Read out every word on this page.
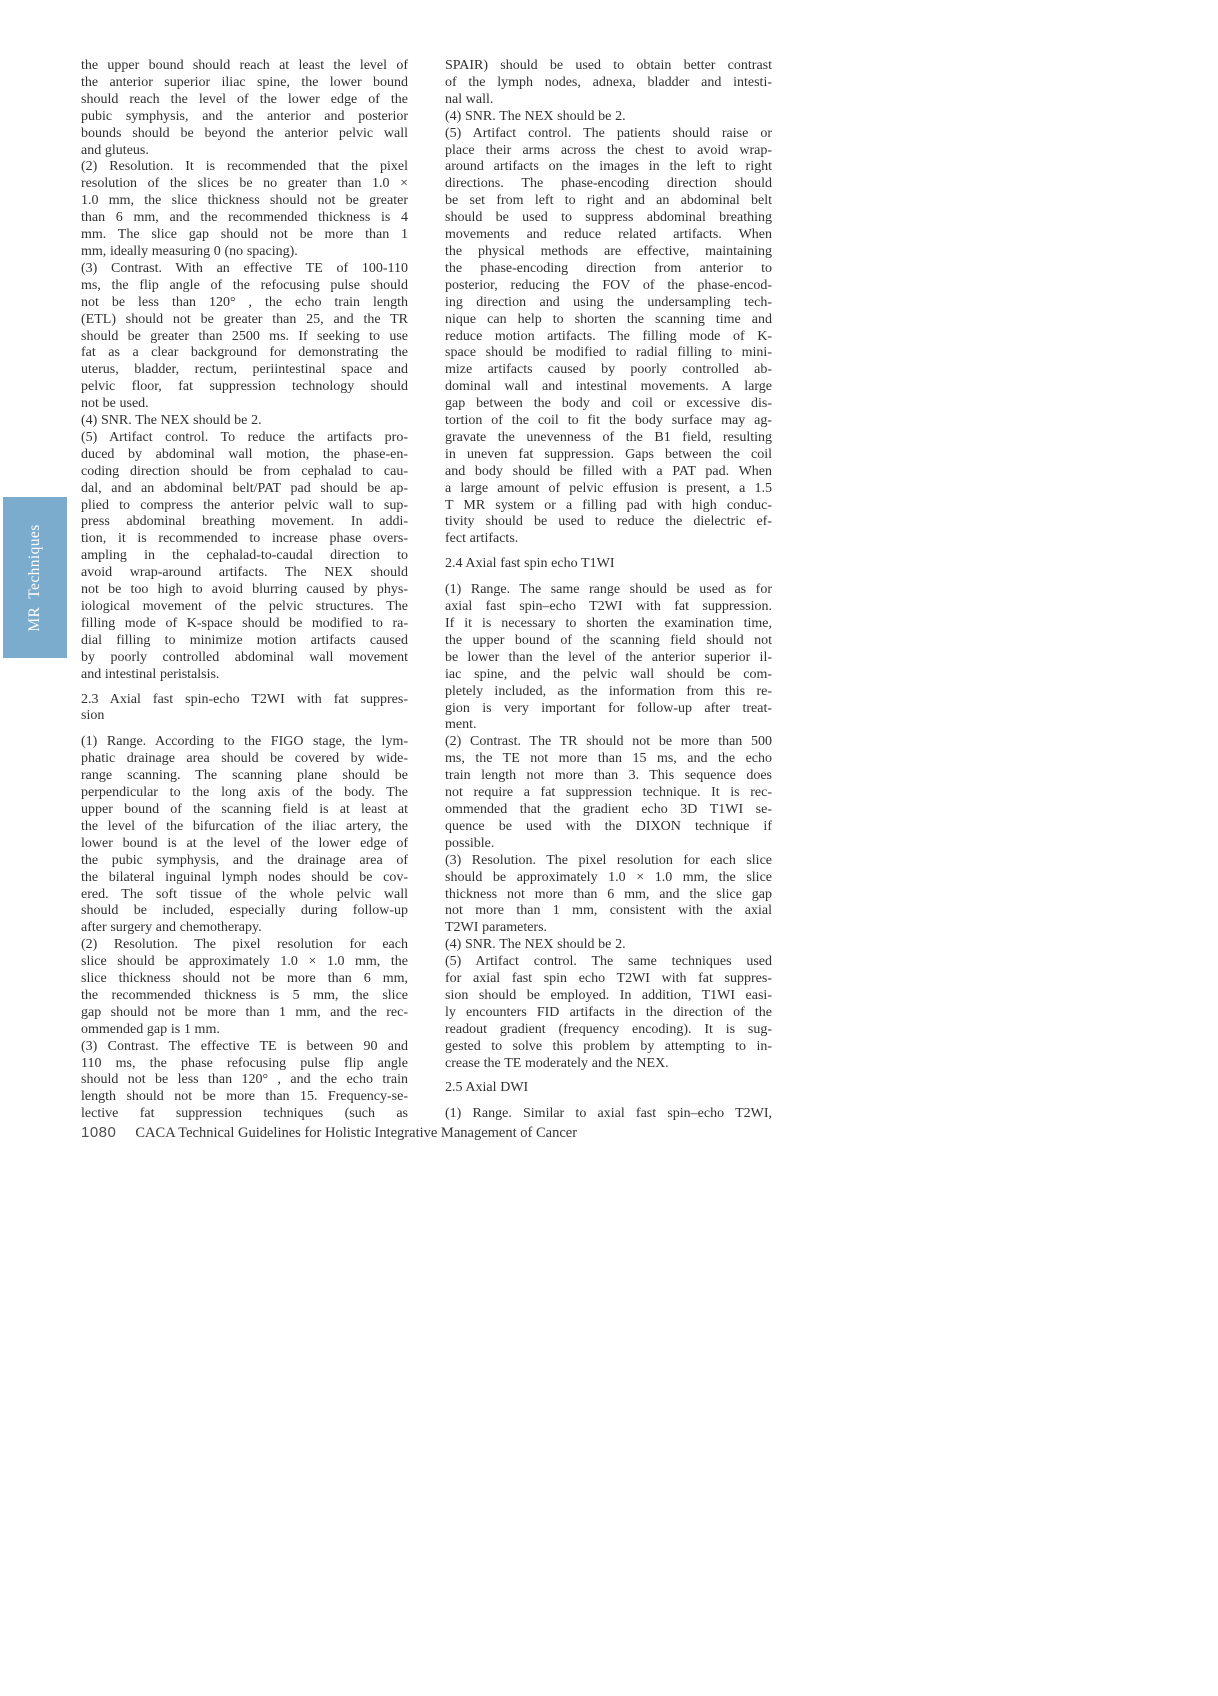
MR Techniques
the upper bound should reach at least the level of
the anterior superior iliac spine, the lower bound
should reach the level of the lower edge of the
pubic symphysis, and the anterior and posterior
bounds should be beyond the anterior pelvic wall
and gluteus.
(2) Resolution. It is recommended that the pixel
resolution of the slices be no greater than 1.0 ×
1.0 mm, the slice thickness should not be greater
than 6 mm, and the recommended thickness is 4
mm. The slice gap should not be more than 1
mm, ideally measuring 0 (no spacing).
(3) Contrast. With an effective TE of 100-110
ms, the flip angle of the refocusing pulse should
not be less than 120° , the echo train length
(ETL) should not be greater than 25, and the TR
should be greater than 2500 ms. If seeking to use
fat as a clear background for demonstrating the
uterus, bladder, rectum, periintestinal space and
pelvic floor, fat suppression technology should
not be used.
(4) SNR. The NEX should be 2.
(5) Artifact control. To reduce the artifacts pro-
duced by abdominal wall motion, the phase-en-
coding direction should be from cephalad to cau-
dal, and an abdominal belt/PAT pad should be ap-
plied to compress the anterior pelvic wall to sup-
press abdominal breathing movement. In addi-
tion, it is recommended to increase phase overs-
ampling in the cephalad-to-caudal direction to
avoid wrap-around artifacts. The NEX should
not be too high to avoid blurring caused by phys-
iological movement of the pelvic structures. The
filling mode of K-space should be modified to ra-
dial filling to minimize motion artifacts caused
by poorly controlled abdominal wall movement
and intestinal peristalsis.
2.3 Axial fast spin-echo T2WI with fat suppres-
sion
(1) Range. According to the FIGO stage, the lym-
phatic drainage area should be covered by wide-
range scanning. The scanning plane should be
perpendicular to the long axis of the body. The
upper bound of the scanning field is at least at
the level of the bifurcation of the iliac artery, the
lower bound is at the level of the lower edge of
the pubic symphysis, and the drainage area of
the bilateral inguinal lymph nodes should be cov-
ered. The soft tissue of the whole pelvic wall
should be included, especially during follow-up
after surgery and chemotherapy.
(2) Resolution. The pixel resolution for each
slice should be approximately 1.0 × 1.0 mm, the
slice thickness should not be more than 6 mm,
the recommended thickness is 5 mm, the slice
gap should not be more than 1 mm, and the rec-
ommended gap is 1 mm.
(3) Contrast. The effective TE is between 90 and
110 ms, the phase refocusing pulse flip angle
should not be less than 120° , and the echo train
length should not be more than 15. Frequency-se-
lective fat suppression techniques (such as
SPAIR) should be used to obtain better contrast
of the lymph nodes, adnexa, bladder and intesti-
nal wall.
(4) SNR. The NEX should be 2.
(5) Artifact control. The patients should raise or
place their arms across the chest to avoid wrap-
around artifacts on the images in the left to right
directions. The phase-encoding direction should
be set from left to right and an abdominal belt
should be used to suppress abdominal breathing
movements and reduce related artifacts. When
the physical methods are effective, maintaining
the phase-encoding direction from anterior to
posterior, reducing the FOV of the phase-encod-
ing direction and using the undersampling tech-
nique can help to shorten the scanning time and
reduce motion artifacts. The filling mode of K-
space should be modified to radial filling to mini-
mize artifacts caused by poorly controlled ab-
dominal wall and intestinal movements. A large
gap between the body and coil or excessive dis-
tortion of the coil to fit the body surface may ag-
gravate the unevenness of the B1 field, resulting
in uneven fat suppression. Gaps between the coil
and body should be filled with a PAT pad. When
a large amount of pelvic effusion is present, a 1.5
T MR system or a filling pad with high conduc-
tivity should be used to reduce the dielectric ef-
fect artifacts.
2.4 Axial fast spin echo T1WI
(1) Range. The same range should be used as for
axial fast spin–echo T2WI with fat suppression.
If it is necessary to shorten the examination time,
the upper bound of the scanning field should not
be lower than the level of the anterior superior il-
iac spine, and the pelvic wall should be com-
pletely included, as the information from this re-
gion is very important for follow-up after treat-
ment.
(2) Contrast. The TR should not be more than 500
ms, the TE not more than 15 ms, and the echo
train length not more than 3. This sequence does
not require a fat suppression technique. It is rec-
ommended that the gradient echo 3D T1WI se-
quence be used with the DIXON technique if
possible.
(3) Resolution. The pixel resolution for each slice
should be approximately 1.0 × 1.0 mm, the slice
thickness not more than 6 mm, and the slice gap
not more than 1 mm, consistent with the axial
T2WI parameters.
(4) SNR. The NEX should be 2.
(5) Artifact control. The same techniques used
for axial fast spin echo T2WI with fat suppres-
sion should be employed. In addition, T1WI easi-
ly encounters FID artifacts in the direction of the
readout gradient (frequency encoding). It is sug-
gested to solve this problem by attempting to in-
crease the TE moderately and the NEX.
2.5 Axial DWI
(1) Range. Similar to axial fast spin–echo T2WI,
1080 CACA Technical Guidelines for Holistic Integrative Management of Cancer
